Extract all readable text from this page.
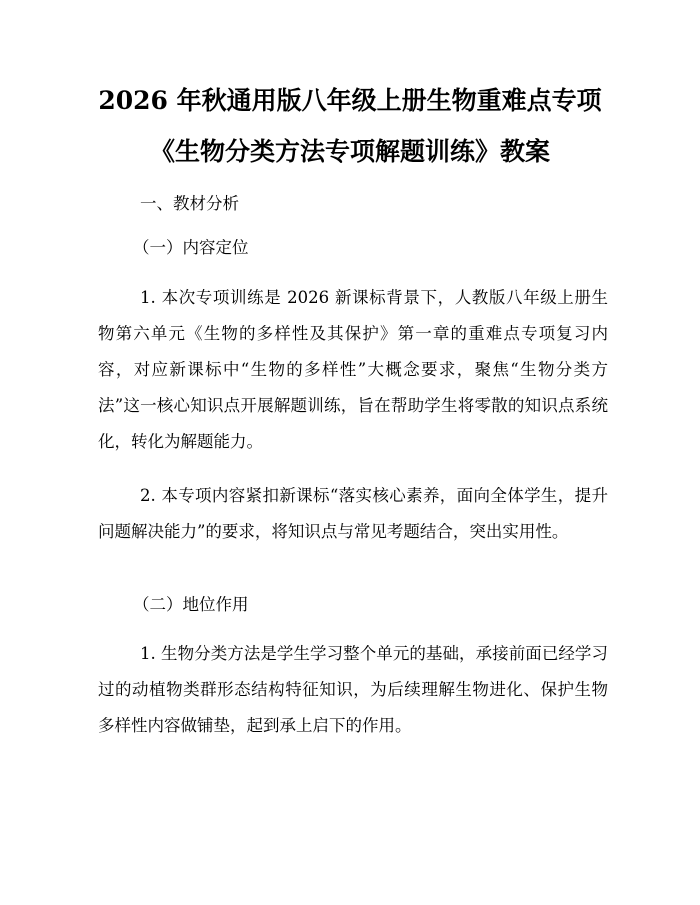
2026 年秋通用版八年级上册生物重难点专项
《生物分类方法专项解题训练》教案
一、教材分析
（一）内容定位
1. 本次专项训练是 2026 新课标背景下，人教版八年级上册生物第六单元《生物的多样性及其保护》第一章的重难点专项复习内容，对应新课标中“生物的多样性”大概念要求，聚焦“生物分类方法”这一核心知识点开展解题训练，旨在帮助学生将零散的知识点系统化，转化为解题能力。
2. 本专项内容紧扣新课标“落实核心素养，面向全体学生，提升问题解决能力”的要求，将知识点与常见考题结合，突出实用性。
（二）地位作用
1. 生物分类方法是学生学习整个单元的基础，承接前面已经学习过的动植物类群形态结构特征知识，为后续理解生物进化、保护生物多样性内容做铺垫，起到承上启下的作用。
